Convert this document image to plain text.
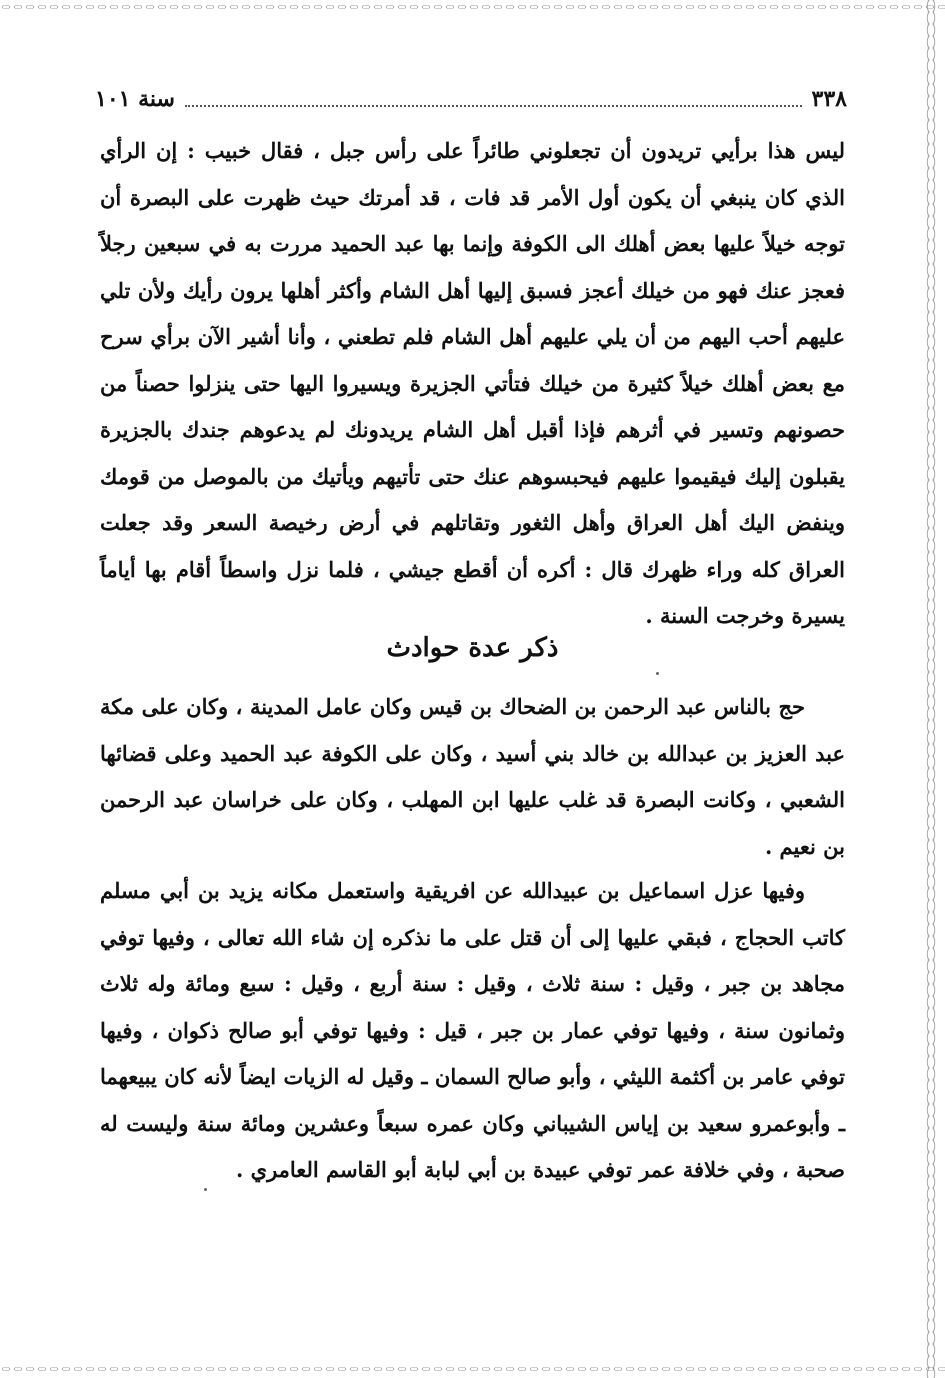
٣٣٨
سنة ١٠١

ليس هذا برأيي تريدون أن تجعلوني طائراً على رأس جبل ، فقال خبيب : إن الرأي الذي كان ينبغي أن يكون أول الأمر قد فات ، قد أمرتك حيث ظهرت على البصرة أن توجه خيلاً عليها بعض أهلك الى الكوفة وإنما بها عبد الحميد مررت به في سبعين رجلاً فعجز عنك فهو من خيلك أعجز فسبق إليها أهل الشام وأكثر أهلها يرون رأيك ولأن تلي عليهم أحب اليهم من أن يلي عليهم أهل الشام فلم تطعني ، وأنا أشير الآن برأي سرح مع بعض أهلك خيلاً كثيرة من خيلك فتأتي الجزيرة ويسيروا اليها حتى ينزلوا حصناً من حصونهم وتسير في أثرهم فإذا أقبل أهل الشام يريدونك لم يدعوهم جندك بالجزيرة يقبلون إليك فيقيموا عليهم فيحبسوهم عنك حتى تأتيهم ويأتيك من بالموصل من قومك وينفض اليك أهل العراق وأهل الثغور وتقاتلهم في أرض رخيصة السعر وقد جعلت العراق كله وراء ظهرك قال : أكره أن أقطع جيشي ، فلما نزل واسطاً أقام بها أياماً يسيرة وخرجت السنة .

ذكر عدة حوادث

حج بالناس عبد الرحمن بن الضحاك بن قيس وكان عامل المدينة ، وكان على مكة عبد العزيز بن عبدالله بن خالد بني أسيد ، وكان على الكوفة عبد الحميد وعلى قضائها الشعبي ، وكانت البصرة قد غلب عليها ابن المهلب ، وكان على خراسان عبد الرحمن بن نعيم .

وفيها عزل اسماعيل بن عبيدالله عن افريقية واستعمل مكانه يزيد بن أبي مسلم كاتب الحجاج ، فبقي عليها إلى أن قتل على ما نذكره إن شاء الله تعالى ، وفيها توفي مجاهد بن جبر ، وقيل : سنة ثلاث ، وقيل : سنة أربع ، وقيل : سبع ومائة وله ثلاث وثمانون سنة ، وفيها توفي عمار بن جبر ، قيل : وفيها توفي أبو صالح ذكوان ، وفيها توفي عامر بن أكثمة الليثي ، وأبو صالح السمان ـ وقيل له الزيات ايضاً لأنه كان يبيعهما ـ وأبوعمرو سعيد بن إياس الشيباني وكان عمره سبعاً وعشرين ومائة سنة وليست له صحبة ، وفي خلافة عمر توفي عبيدة بن أبي لبابة أبو القاسم العامري .
